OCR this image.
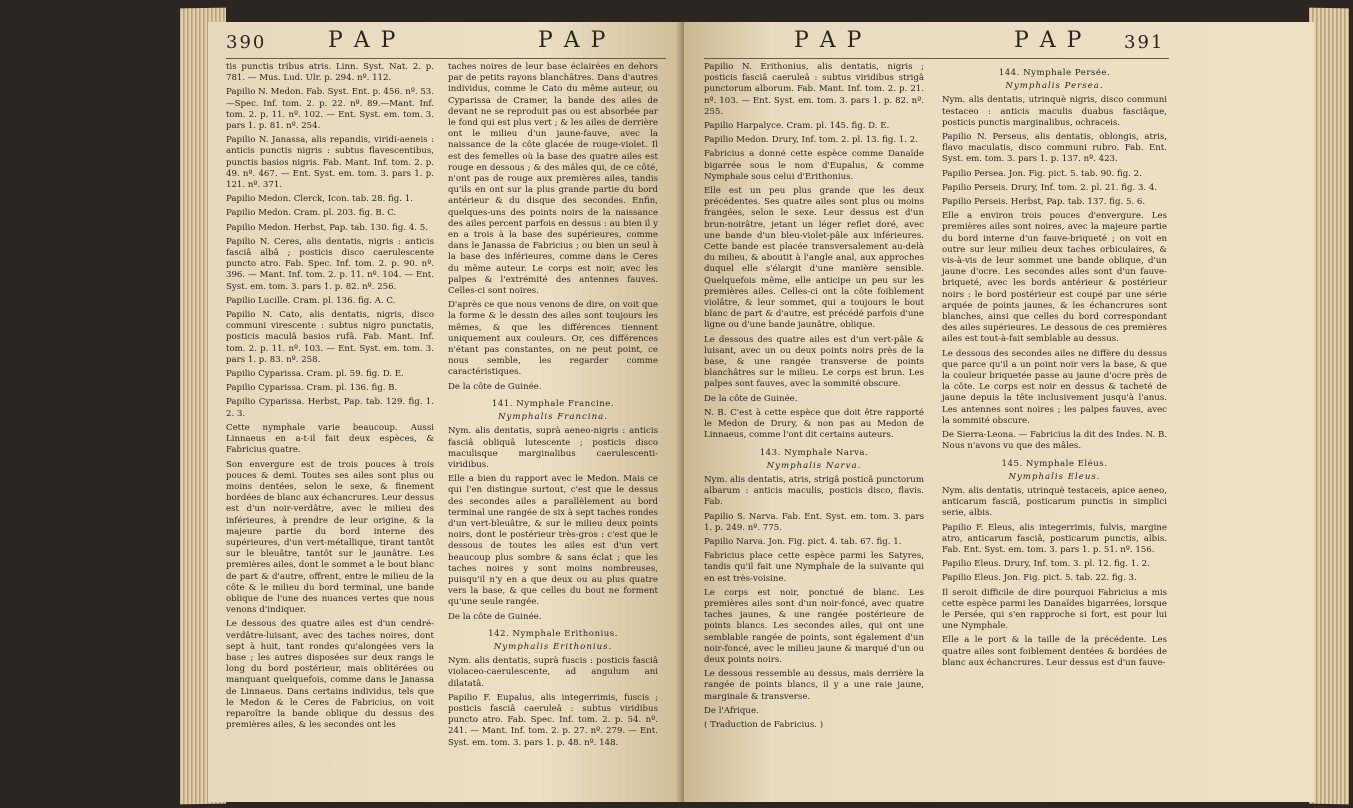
390	P A P	P A P

tis punctis tribus atris. Linn. Syst. Nat. 2. p. 781. — Mus. Lud. Ulr. p. 294. nº. 112.

Papilio N. Medon. Fab. Syst. Ent. p. 456. nº. 53.—Spec. Inf. tom. 2. p. 22. nº. 89.—Mant. Inf. tom. 2. p. 11. nº. 102. — Ent. Syst. em. tom. 3. pars 1. p. 81. nº. 254.

Papilio N. Janassa, alis repandis, viridi-aeneis : anticis punctis nigris : subtus flavescentibus, punctis basios nigris. Fab. Mant. Inf. tom. 2. p. 49. nº. 467. — Ent. Syst. em. tom. 3. pars 1. p. 121. nº. 371.

Papilio Medon. Clerck, Icon. tab. 28. fig. 1.

Papilio Medon. Cram. pl. 203. fig. B. C.

Papilio Medon. Herbst, Pap. tab. 130. fig. 4. 5.

Papilio N. Ceres, alis dentatis, nigris : anticis fasciâ albâ ; posticis disco caerulescente puncto atro. Fab. Spec. Inf. tom. 2. p. 90. nº. 396. — Mant. Inf. tom. 2. p. 11. nº. 104. — Ent. Syst. em. tom. 3. pars 1. p. 82. nº. 256.

Papilio Lucille. Cram. pl. 136. fig. A. C.

Papilio N. Cato, alis dentatis, nigris, disco communi virescente : subtus nigro punctatis, posticis maculâ basios rufâ. Fab. Mant. Inf. tom. 2. p. 11. nº. 103. — Ent. Syst. em. tom. 3. pars 1. p. 83. nº. 258.

Papilio Cyparissa. Cram. pl. 59. fig. D. E.

Papilio Cyparissa. Cram. pl. 136. fig. B.

Papilio Cyparissa. Herbst, Pap. tab. 129. fig. 1. 2. 3.

Cette nymphale varie beaucoup. Aussi Linnaeus en a-t-il fait deux espèces, & Fabricius quatre.

Son envergure est de trois pouces à trois pouces & demi. Toutes ses ailes sont plus ou moins dentées, selon le sexe, & finement bordées de blanc aux échancrures. Leur dessus est d'un noir-verdâtre, avec le milieu des inférieures, à prendre de leur origine, & la majeure partie du bord interne des supérieures, d'un vert-métallique, tirant tantôt sur le bleuâtre, tantôt sur le jaunâtre. Les premières ailes, dont le sommet a le bout blanc de part & d'autre, offrent, entre le milieu de la côte & le milieu du bord terminal, une bande oblique de l'une des nuances vertes que nous venons d'indiquer.

Le dessous des quatre ailes est d'un cendré-verdâtre-luisant, avec des taches noires, dont sept à huit, tant rondes qu'alongées vers la base ; les autres disposées sur deux rangs le long du bord postérieur, mais oblitérées ou manquant quelquefois, comme dans le Janassa de Linnaeus. Dans certains individus, tels que le Medon & le Ceres de Fabricius, on voit reparoître la bande oblique du dessus des premières ailes, & les secondes ont les

taches noires de leur base éclairées en dehors par de petits rayons blanchâtres. Dans d'autres individus, comme le Cato du même auteur, ou Cyparissa de Cramer, la bande des ailes de devant ne se reproduit pas ou est absorbée par le fond qui est plus vert ; & les ailes de derrière ont le milieu d'un jaune-fauve, avec la naissance de la côte glacée de rouge-violet. Il est des femelles où la base des quatre ailes est rouge en dessous ; & des mâles qui, de ce côté, n'ont pas de rouge aux premières ailes, tandis qu'ils en ont sur la plus grande partie du bord antérieur & du disque des secondes. Enfin, quelques-uns des points noirs de la naissance des ailes percent parfois en dessus : au bien il y en a trois à la base des supérieures, comme dans le Janassa de Fabricius ; ou bien un seul à la base des inférieures, comme dans le Ceres du même auteur. Le corps est noir, avec les palpes & l'extrémité des antennes fauves. Celles-ci sont noires.

D'après ce que nous venons de dire, on voit que la forme & le dessin des ailes sont toujours les mêmes, & que les différences tiennent uniquement aux couleurs. Or, ces différences n'étant pas constantes, on ne peut point, ce nous semble, les regarder comme caractéristiques.

De la côte de Guinée.

141. Nymphale Francine.
Nymphalis Francina.

Nym. alis dentatis, suprà aeneo-nigris : anticis fasciâ obliquâ lutescente ; posticis disco maculisque marginalibus caerulescenti-viridibus.

Elle a bien du rapport avec le Medon. Mais ce qui l'en distingue surtout, c'est que le dessus des secondes ailes a parallèlement au bord terminal une rangée de six à sept taches rondes d'un vert-bleuâtre, & sur le milieu deux points noirs, dont le postérieur très-gros : c'est que le dessous de toutes les ailes est d'un vert beaucoup plus sombre & sans éclat ; que les taches noires y sont moins nombreuses, puisqu'il n'y en a que deux ou au plus quatre vers la base, & que celles du bout ne forment qu'une seule rangée.

De la côte de Guinée.

142. Nymphale Erithonius.
Nymphalis Erithonius.

Nym. alis dentatis, suprà fuscis : posticis fasciâ violaceo-caerulescente, ad angulum ani dilatatâ.

Papilio F. Eupalus, alis integerrimis, fuscis ; posticis fasciâ caeruleâ : subtus viridibus puncto atro. Fab. Spec. Inf. tom. 2. p. 54. nº. 241. — Mant. Inf. tom. 2. p. 27. nº. 279. — Ent. Syst. em. tom. 3. pars 1. p. 48. nº. 148.

P A P	P A P 391

Papilio N. Erithonius, alis dentatis, nigris ; posticis fasciâ caeruleâ : subtus viridibus strigâ punctorum alborum. Fab. Mant. Inf. tom. 2. p. 21. nº. 103. — Ent. Syst. em. tom. 3. pars 1. p. 82. nº. 255.

Papilio Harpalyce. Cram. pl. 145. fig. D. E.

Papilio Medon. Drury, Inf. tom. 2. pl. 13. fig. 1. 2.

Fabricius a donné cette espèce comme Danaïde bigarrée sous le nom d'Eupalus, & comme Nymphale sous celui d'Erithonius.

Elle est un peu plus grande que les deux précédentes. Ses quatre ailes sont plus ou moins frangées, selon le sexe. Leur dessus est d'un brun-noirâtre, jetant un léger reflet doré, avec une bande d'un bleu-violet-pâle aux inférieures. Cette bande est placée transversalement au-delà du milieu, & aboutit à l'angle anal, aux approches duquel elle s'élargit d'une manière sensible. Quelquefois même, elle anticipe un peu sur les premières ailes. Celles-ci ont la côte foiblement violâtre, & leur sommet, qui a toujours le bout blanc de part & d'autre, est précédé parfois d'une ligne ou d'une bande jaunâtre, oblique.

Le dessous des quatre ailes est d'un vert-pâle & luisant, avec un ou deux points noirs près de la base, & une rangée transverse de points blanchâtres sur le milieu. Le corps est brun. Les palpes sont fauves, avec la sommité obscure.

De la côte de Guinée.

N. B. C'est à cette espèce que doit être rapporté le Medon de Drury, & non pas au Medon de Linnaeus, comme l'ont dit certains auteurs.

143. Nymphale Narva.
Nymphalis Narva.

Nym. alis dentatis, atris, strigâ posticâ punctorum albarum : anticis maculis, posticis disco, flavis. Fab.

Papilio S. Narva. Fab. Ent. Syst. em. tom. 3. pars 1. p. 249. nº. 775.

Papilio Narva. Jon. Fig. pict. 4. tab. 67. fig. 1.

Fabricius place cette espèce parmi les Satyres, tandis qu'il fait une Nymphale de la suivante qui en est très-voisine.

Le corps est noir, ponctué de blanc. Les premières ailes sont d'un noir-foncé, avec quatre taches jaunes, & une rangée postérieure de points blancs. Les secondes ailes, qui ont une semblable rangée de points, sont également d'un noir-foncé, avec le milieu jaune & marqué d'un ou deux points noirs.

Le dessous ressemble au dessus, mais derrière la rangée de points blancs, il y a une raie jaune, marginale & transverse.

De l'Afrique.

( Traduction de Fabricius. )

144. Nymphale Persée.
Nymphalis Persea.

Nym. alis dentatis, utrinquè nigris, disco communi testaceo : anticis maculis duabus fasciâque, posticis punctis marginalibus, ochraceis.

Papilio N. Perseus, alis dentatis, oblongis, atris, flavo maculatis, disco communi rubro. Fab. Ent. Syst. em. tom. 3. pars 1. p. 137. nº. 423.

Papilio Persea. Jon. Fig. pict. 5. tab. 90. fig. 2.

Papilio Perseis. Drury, Inf. tom. 2. pl. 21. fig. 3. 4.

Papilio Perseis. Herbst, Pap. tab. 137. fig. 5. 6.

Elle a environ trois pouces d'envergure. Les premières ailes sont noires, avec la majeure partie du bord interne d'un fauve-briqueté ; on voit en outre sur leur milieu deux taches orbiculaires, & vis-à-vis de leur sommet une bande oblique, d'un jaune d'ocre. Les secondes ailes sont d'un fauve-briqueté, avec les bords antérieur & postérieur noirs : le bord postérieur est coupé par une série arquée de points jaunes, & les échancrures sont blanches, ainsi que celles du bord correspondant des ailes supérieures. Le dessous de ces premières ailes est tout-à-fait semblable au dessus.

Le dessous des secondes ailes ne diffère du dessus que parce qu'il a un point noir vers la base, & que la couleur briquetée passe au jaune d'ocre près de la côte. Le corps est noir en dessus & tacheté de jaune depuis la tête inclusivement jusqu'à l'anus. Les antennes sont noires ; les palpes fauves, avec la sommité obscure.

De Sierra-Leona. — Fabricius la dit des Indes. N. B. Nous n'avons vu que des mâles.

145. Nymphale Eléus.
Nymphalis Eleus.

Nym. alis dentatis, utrinquè testaceis, apice aeneo, anticarum fasciâ, posticarum punctis in simplici serie, albis.

Papilio F. Eleus, alis integerrimis, fulvis, margine atro, anticarum fasciâ, posticarum punctis, albis. Fab. Ent. Syst. em. tom. 3. pars 1. p. 51. nº. 156.

Papilio Eleus. Drury, Inf. tom. 3. pl. 12. fig. 1. 2.

Papilio Eleus. Jon. Fig. pict. 5. tab. 22. fig. 3.

Il seroit difficile de dire pourquoi Fabricius a mis cette espèce parmi les Danaïdes bigarrées, lorsque le Persée, qui s'en rapproche si fort, est pour lui une Nymphale.

Elle a le port & la taille de la précédente. Les quatre ailes sont foiblement dentées & bordées de blanc aux échancrures. Leur dessus est d'un fauve-
